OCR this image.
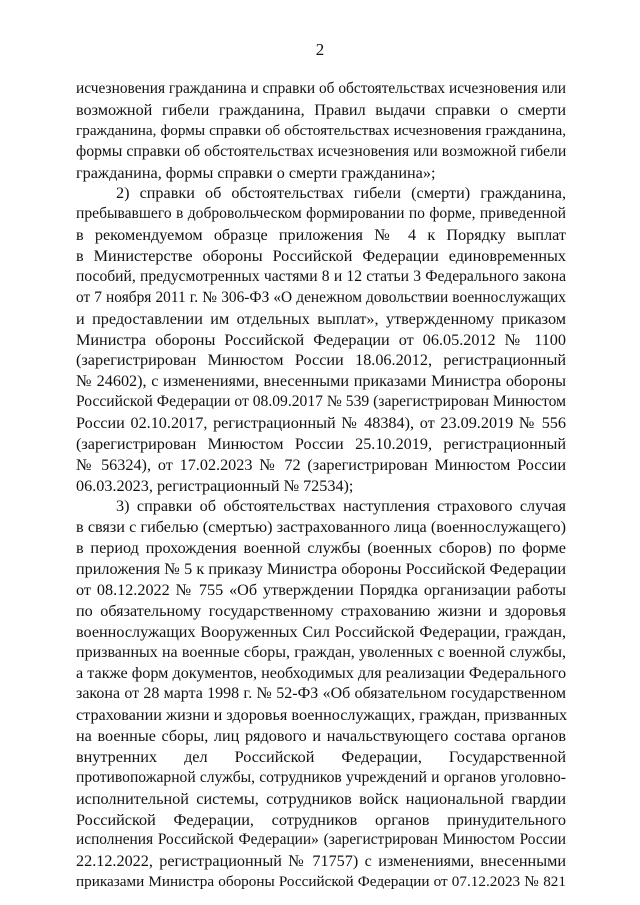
2
исчезновения гражданина и справки об обстоятельствах исчезновения или
возможной гибели гражданина, Правил выдачи справки о смерти
гражданина, формы справки об обстоятельствах исчезновения гражданина,
формы справки об обстоятельствах исчезновения или возможной гибели
гражданина, формы справки о смерти гражданина»;
2) справки об обстоятельствах гибели (смерти) гражданина,
пребывавшего в добровольческом формировании по форме, приведенной
в рекомендуемом образце приложения № 4 к Порядку выплат
в Министерстве обороны Российской Федерации единовременных
пособий, предусмотренных частями 8 и 12 статьи 3 Федерального закона
от 7 ноября 2011 г. № 306-ФЗ «О денежном довольствии военнослужащих
и предоставлении им отдельных выплат», утвержденному приказом
Министра обороны Российской Федерации от 06.05.2012 № 1100
(зарегистрирован Минюстом России 18.06.2012, регистрационный
№ 24602), с изменениями, внесенными приказами Министра обороны
Российской Федерации от 08.09.2017 № 539 (зарегистрирован Минюстом
России 02.10.2017, регистрационный № 48384), от 23.09.2019 № 556
(зарегистрирован Минюстом России 25.10.2019, регистрационный
№ 56324), от 17.02.2023 № 72 (зарегистрирован Минюстом России
06.03.2023, регистрационный № 72534);
3) справки об обстоятельствах наступления страхового случая
в связи с гибелью (смертью) застрахованного лица (военнослужащего)
в период прохождения военной службы (военных сборов) по форме
приложения № 5 к приказу Министра обороны Российской Федерации
от 08.12.2022 № 755 «Об утверждении Порядка организации работы
по обязательному государственному страхованию жизни и здоровья
военнослужащих Вооруженных Сил Российской Федерации, граждан,
призванных на военные сборы, граждан, уволенных с военной службы,
а также форм документов, необходимых для реализации Федерального
закона от 28 марта 1998 г. № 52-ФЗ «Об обязательном государственном
страховании жизни и здоровья военнослужащих, граждан, призванных
на военные сборы, лиц рядового и начальствующего состава органов
внутренних дел Российской Федерации, Государственной
противопожарной службы, сотрудников учреждений и органов уголовно-
исполнительной системы, сотрудников войск национальной гвардии
Российской Федерации, сотрудников органов принудительного
исполнения Российской Федерации» (зарегистрирован Минюстом России
22.12.2022, регистрационный № 71757) с изменениями, внесенными
приказами Министра обороны Российской Федерации от 07.12.2023 № 821
